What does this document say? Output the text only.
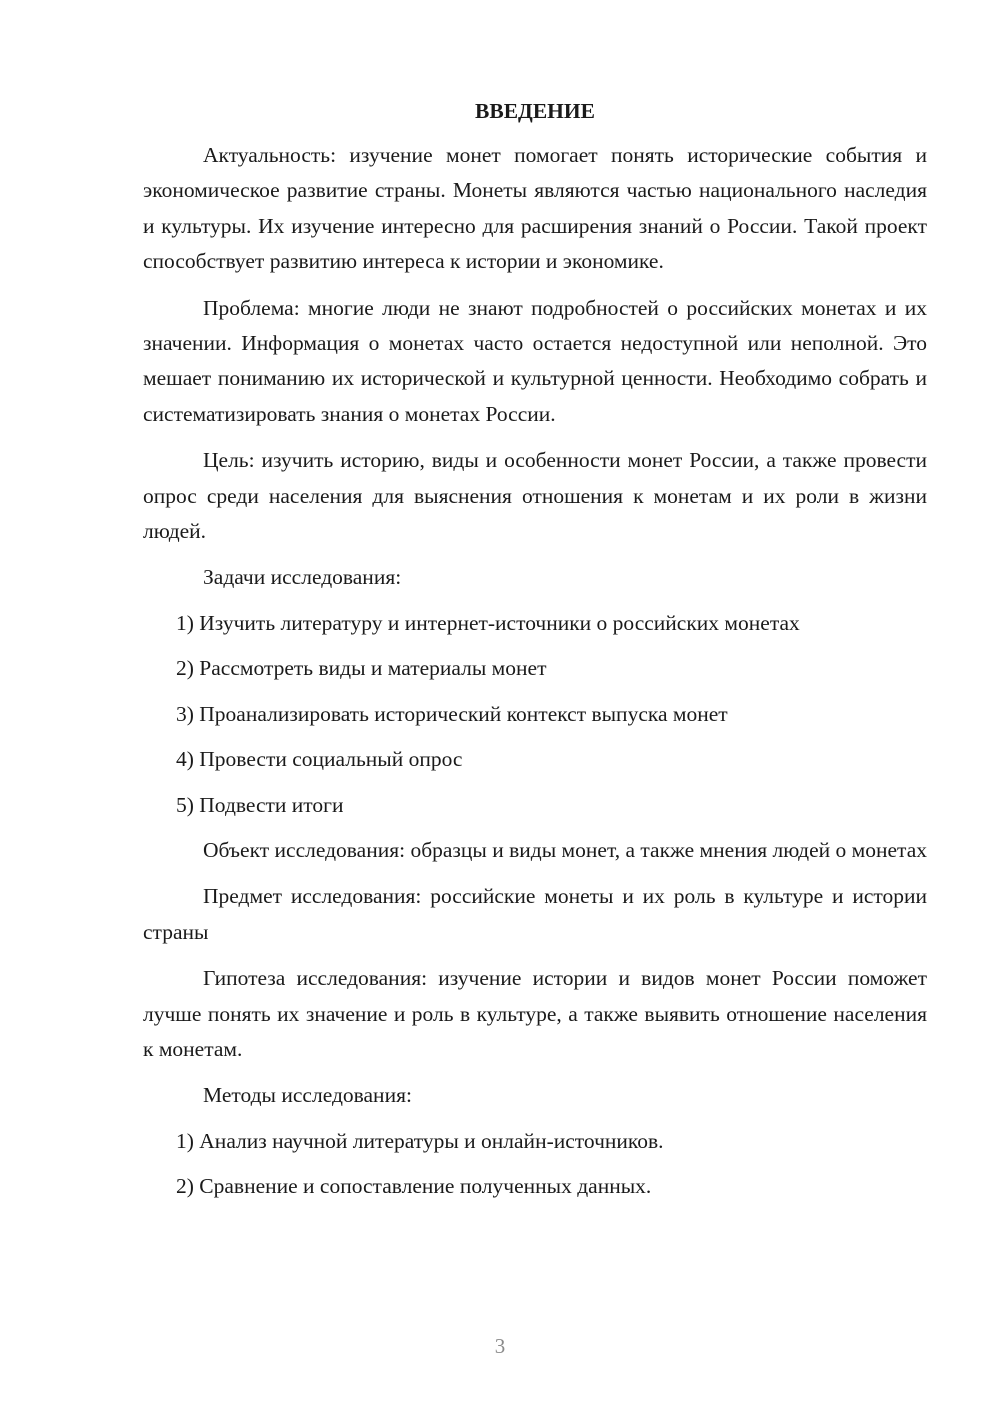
ВВЕДЕНИЕ

Актуальность: изучение монет помогает понять исторические события и экономическое развитие страны. Монеты являются частью национального наследия и культуры. Их изучение интересно для расширения знаний о России. Такой проект способствует развитию интереса к истории и экономике.

Проблема: многие люди не знают подробностей о российских монетах и их значении. Информация о монетах часто остается недоступной или неполной. Это мешает пониманию их исторической и культурной ценности. Необходимо собрать и систематизировать знания о монетах России.

Цель: изучить историю, виды и особенности монет России, а также провести опрос среди населения для выяснения отношения к монетам и их роли в жизни людей.

Задачи исследования:

1) Изучить литературу и интернет-источники о российских монетах
2) Рассмотреть виды и материалы монет
3) Проанализировать исторический контекст выпуска монет
4) Провести социальный опрос
5) Подвести итоги

Объект исследования: образцы и виды монет, а также мнения людей о монетах

Предмет исследования: российские монеты и их роль в культуре и истории страны

Гипотеза исследования: изучение истории и видов монет России поможет лучше понять их значение и роль в культуре, а также выявить отношение населения к монетам.

Методы исследования:

1) Анализ научной литературы и онлайн-источников.
2) Сравнение и сопоставление полученных данных.
3
